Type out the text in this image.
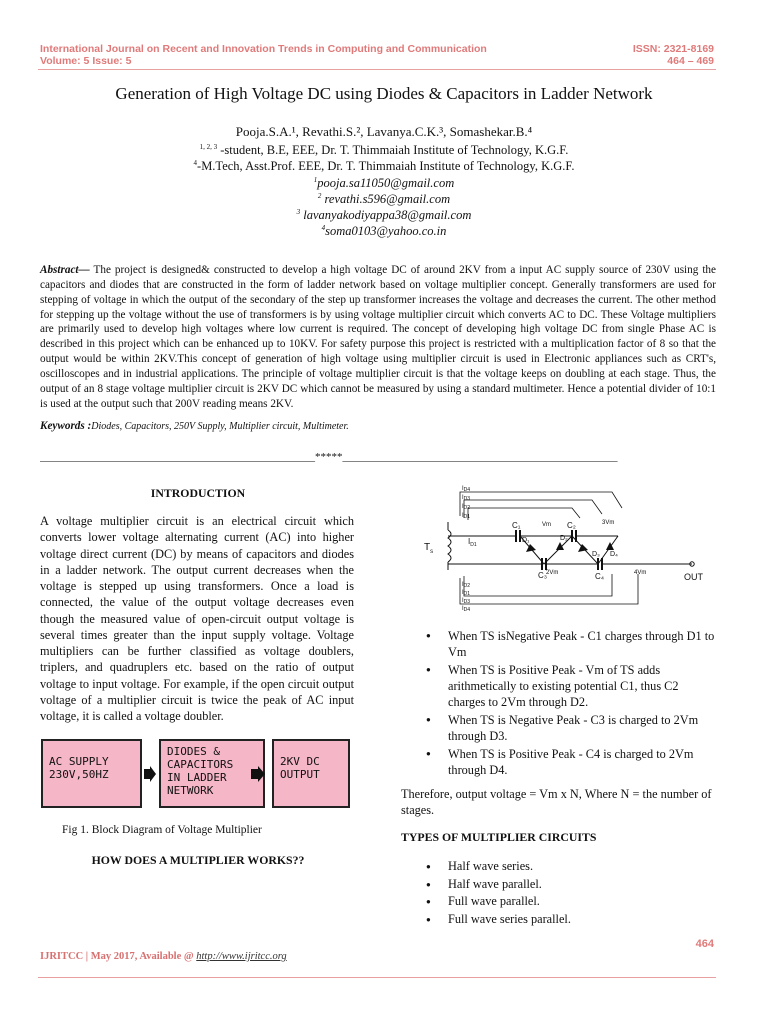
International Journal on Recent and Innovation Trends in Computing and Communication
Volume: 5 Issue: 5
ISSN: 2321-8169
464 – 469
Generation of High Voltage DC using Diodes & Capacitors in Ladder Network
Pooja.S.A.¹, Revathi.S.², Lavanya.C.K.³, Somashekar.B.⁴
$^{1, 2, 3}$ -student, B.E, EEE, Dr. T. Thimmaiah Institute of Technology, K.G.F.
$^4$-M.Tech, Asst.Prof. EEE, Dr. T. Thimmaiah Institute of Technology, K.G.F.
$^1$pooja.sa11050@gmail.com
$^2$ revathi.s596@gmail.com
$^3$ lavanyakodiyappa38@gmail.com
$^4$soma0103@yahoo.co.in
Abstract— The project is designed& constructed to develop a high voltage DC of around 2KV from a input AC supply source of 230V using the capacitors and diodes that are constructed in the form of ladder network based on voltage multiplier concept. Generally transformers are used for stepping of voltage in which the output of the secondary of the step up transformer increases the voltage and decreases the current. The other method for stepping up the voltage without the use of transformers is by using voltage multiplier circuit which converts AC to DC. These Voltage multipliers are primarily used to develop high voltages where low current is required. The concept of developing high voltage DC from single Phase AC is described in this project which can be enhanced up to 10KV. For safety purpose this project is restricted with a multiplication factor of 8 so that the output would be within 2KV.This concept of generation of high voltage using multiplier circuit is used in Electronic appliances such as CRT's, oscilloscopes and in industrial applications. The principle of voltage multiplier circuit is that the voltage keeps on doubling at each stage. Thus, the output of an 8 stage voltage multiplier circuit is 2KV DC which cannot be measured by using a standard multimeter. Hence a potential divider of 10:1 is used at the output such that 200V reading means 2KV.
Keywords :Diodes, Capacitors, 250V Supply, Multiplier circuit, Multimeter.
__________________________________________________*****__________________________________________________
INTRODUCTION
A voltage multiplier circuit is an electrical circuit which converts lower voltage alternating current (AC) into higher voltage direct current (DC) by means of capacitors and diodes in a ladder network. The output current decreases when the voltage is stepped up using transformers. Once a load is connected, the value of the output voltage decreases even though the measured value of open-circuit output voltage is several times greater than the input supply voltage. Voltage multipliers can be further classified as voltage doublers, triplers, and quadruplers etc. based on the ratio of output voltage to input voltage. For example, if the open circuit output voltage of a multiplier circuit is twice the peak of AC input voltage, it is called a voltage doubler.
AC SUPPLY
230V,50HZ
DIODES &
CAPACITORS
IN LADDER
NETWORK
2KV DC
OUTPUT
Fig 1. Block Diagram of Voltage Multiplier
HOW DOES A MULTIPLIER WORKS??
$T_s$
$I_{D1}$
C₁	C₂
C₃	C₄
D₁	D₂
D₃ D₄
Vm	3Vm
2Vm	4Vm	OUT
ID4
ID3
ID2
ID1
ID2
ID1
ID3
ID4
● When TS isNegative Peak - C1 charges through D1 to Vm
● When TS is Positive Peak - Vm of TS adds arithmetically to existing potential C1, thus C2 charges to 2Vm through D2.
● When TS is Negative Peak - C3 is charged to 2Vm through D3.
● When TS is Positive Peak - C4 is charged to 2Vm through D4.
Therefore, output voltage = Vm x N, Where N = the number of stages.
TYPES OF MULTIPLIER CIRCUITS
● Half wave series.
● Half wave parallel.
● Full wave parallel.
● Full wave series parallel.
464
IJRITCC | May 2017, Available @ http://www.ijritcc.org
